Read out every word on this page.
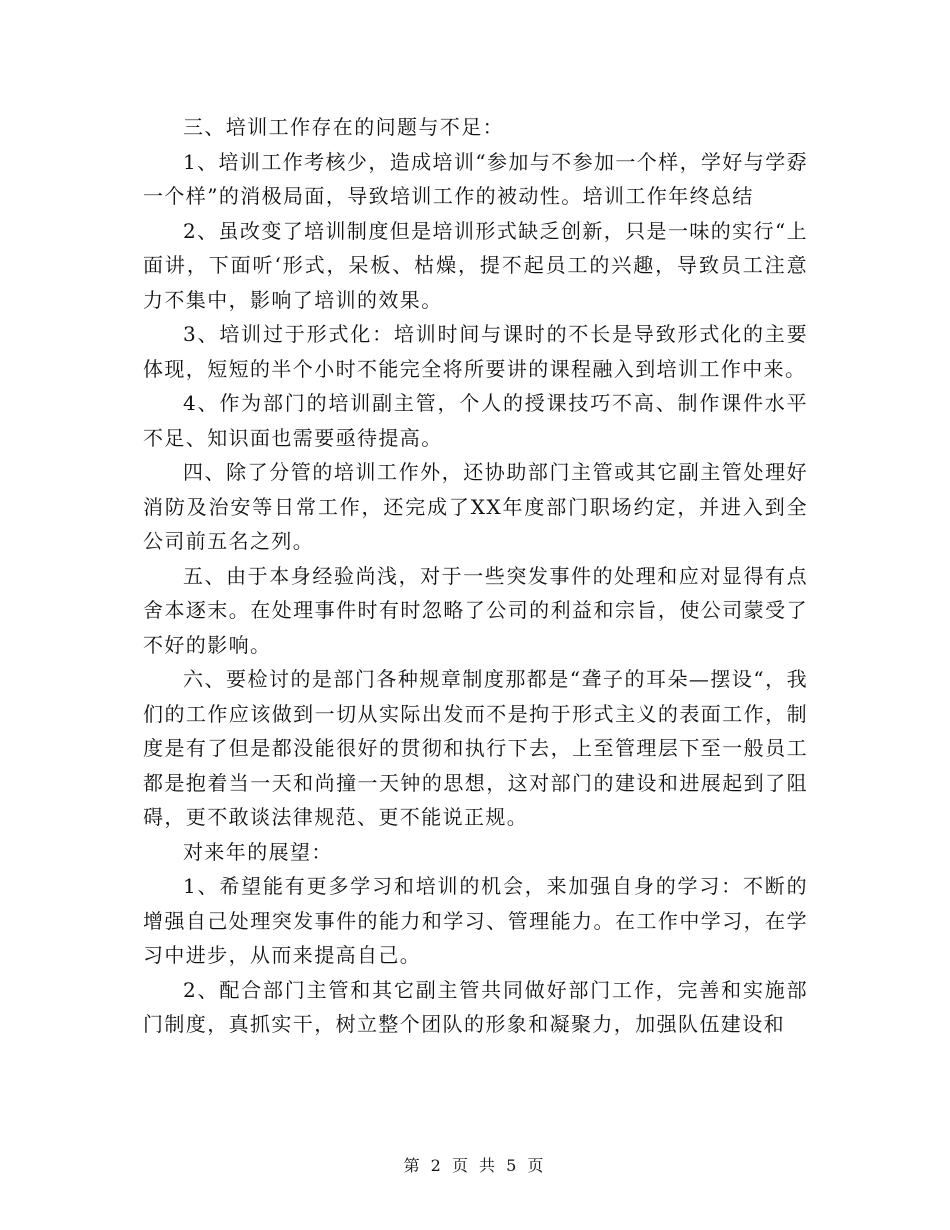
三、培训工作存在的问题与不足：

1、培训工作考核少，造成培训“参加与不参加一个样，学好与学孬一个样”的消极局面，导致培训工作的被动性。培训工作年终总结

2、虽改变了培训制度但是培训形式缺乏创新，只是一味的实行“上面讲，下面听‘形式，呆板、枯燥，提不起员工的兴趣，导致员工注意力不集中，影响了培训的效果。

3、培训过于形式化：培训时间与课时的不长是导致形式化的主要体现，短短的半个小时不能完全将所要讲的课程融入到培训工作中来。

4、作为部门的培训副主管，个人的授课技巧不高、制作课件水平不足、知识面也需要亟待提高。

四、除了分管的培训工作外，还协助部门主管或其它副主管处理好消防及治安等日常工作，还完成了XX年度部门职场约定，并进入到全公司前五名之列。

五、由于本身经验尚浅，对于一些突发事件的处理和应对显得有点舍本逐末。在处理事件时有时忽略了公司的利益和宗旨，使公司蒙受了不好的影响。

六、要检讨的是部门各种规章制度那都是“聋子的耳朵—摆设“，我们的工作应该做到一切从实际出发而不是拘于形式主义的表面工作，制度是有了但是都没能很好的贯彻和执行下去，上至管理层下至一般员工都是抱着当一天和尚撞一天钟的思想，这对部门的建设和进展起到了阻碍，更不敢谈法律规范、更不能说正规。

对来年的展望：

1、希望能有更多学习和培训的机会，来加强自身的学习：不断的增强自己处理突发事件的能力和学习、管理能力。在工作中学习，在学习中进步，从而来提高自己。

2、配合部门主管和其它副主管共同做好部门工作，完善和实施部门制度，真抓实干，树立整个团队的形象和凝聚力，加强队伍建设和

第 2 页 共 5 页
